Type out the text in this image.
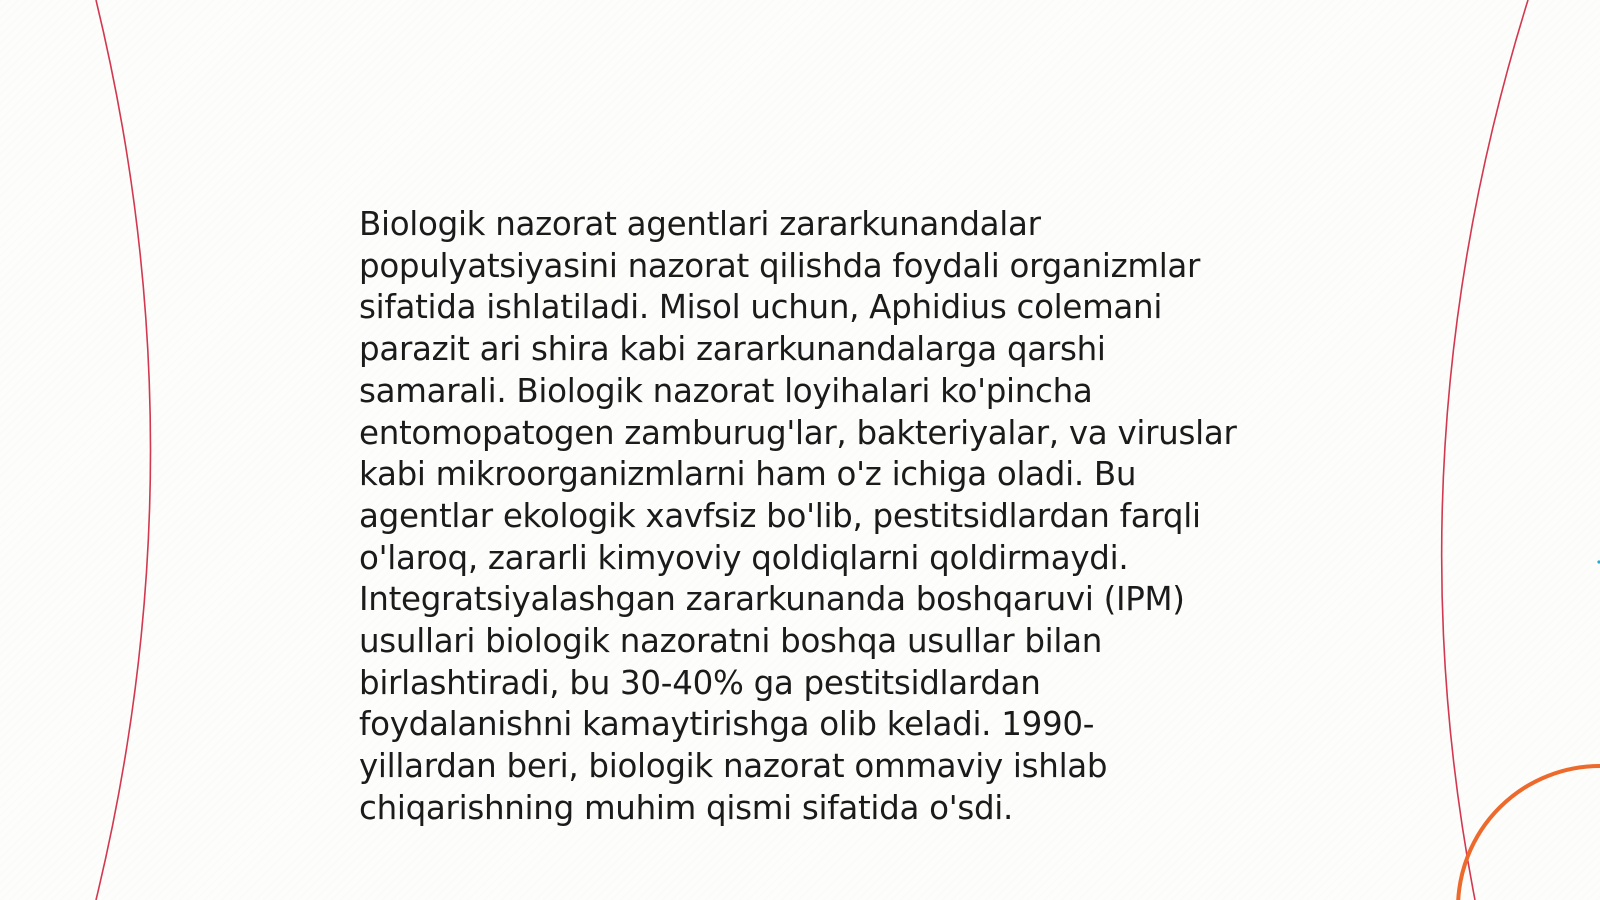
Biologik nazorat agentlari zararkunandalar
populyatsiyasini nazorat qilishda foydali organizmlar
sifatida ishlatiladi. Misol uchun, Aphidius colemani
parazit ari shira kabi zararkunandalarga qarshi
samarali. Biologik nazorat loyihalari ko'pincha
entomopatogen zamburug'lar, bakteriyalar, va viruslar
kabi mikroorganizmlarni ham o'z ichiga oladi. Bu
agentlar ekologik xavfsiz bo'lib, pestitsidlardan farqli
o'laroq, zararli kimyoviy qoldiqlarni qoldirmaydi.
Integratsiyalashgan zararkunanda boshqaruvi (IPM)
usullari biologik nazoratni boshqa usullar bilan
birlashtiradi, bu 30-40% ga pestitsidlardan
foydalanishni kamaytirishga olib keladi. 1990-
yillardan beri, biologik nazorat ommaviy ishlab
chiqarishning muhim qismi sifatida o'sdi.
